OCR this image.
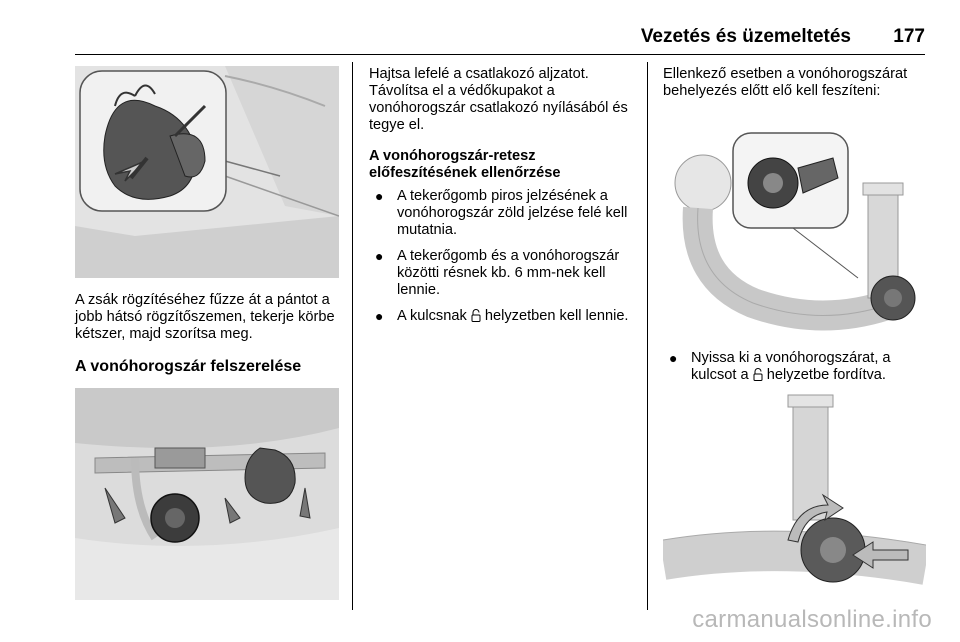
Vezetés és üzemeltetés 177

A zsák rögzítéséhez fűzze át a pántot a jobb hátsó rögzítőszemen, tekerje körbe kétszer, majd szorítsa meg.

A vonóhorogszár felszerelése

Hajtsa lefelé a csatlakozó aljzatot. Távolítsa el a védőkupakot a vonóhorogszár csatlakozó nyílásából és tegye el.

A vonóhorogszár-retesz előfeszítésének ellenőrzése

● A tekerőgomb piros jelzésének a vonóhorogszár zöld jelzése felé kell mutatnia.
● A tekerőgomb és a vonóhorogszár közötti résnek kb. 6 mm-nek kell lennie.
● A kulcsnak helyzetben kell lennie.

Ellenkező esetben a vonóhorogszárat behelyezés előtt elő kell feszíteni:

● Nyissa ki a vonóhorogszárat, a kulcsot a helyzetbe fordítva.
carmanualsonline.info
